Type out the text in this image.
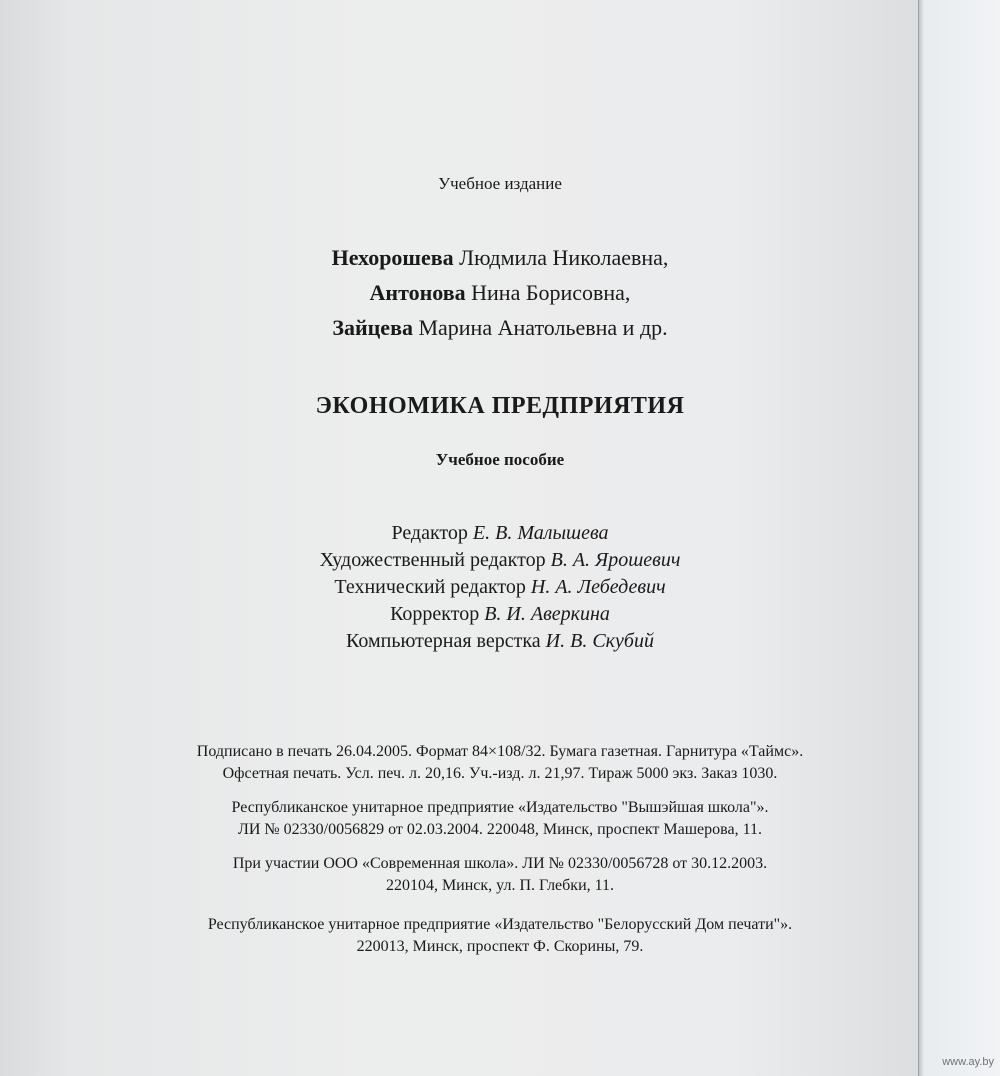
Учебное издание
Нехорошева Людмила Николаевна,
Антонова Нина Борисовна,
Зайцева Марина Анатольевна и др.
ЭКОНОМИКА ПРЕДПРИЯТИЯ
Учебное пособие
Редактор Е. В. Малышева
Художественный редактор В. А. Ярошевич
Технический редактор Н. А. Лебедевич
Корректор В. И. Аверкина
Компьютерная верстка И. В. Скубий
Подписано в печать 26.04.2005. Формат 84×108/32. Бумага газетная. Гарнитура «Таймс».
Офсетная печать. Усл. печ. л. 20,16. Уч.-изд. л. 21,97. Тираж 5000 экз. Заказ 1030.
Республиканское унитарное предприятие «Издательство "Вышэйшая школа"».
ЛИ № 02330/0056829 от 02.03.2004. 220048, Минск, проспект Машерова, 11.
При участии ООО «Современная школа». ЛИ № 02330/0056728 от 30.12.2003.
220104, Минск, ул. П. Глебки, 11.
Республиканское унитарное предприятие «Издательство "Белорусский Дом печати"».
220013, Минск, проспект Ф. Скорины, 79.
www.ay.by
